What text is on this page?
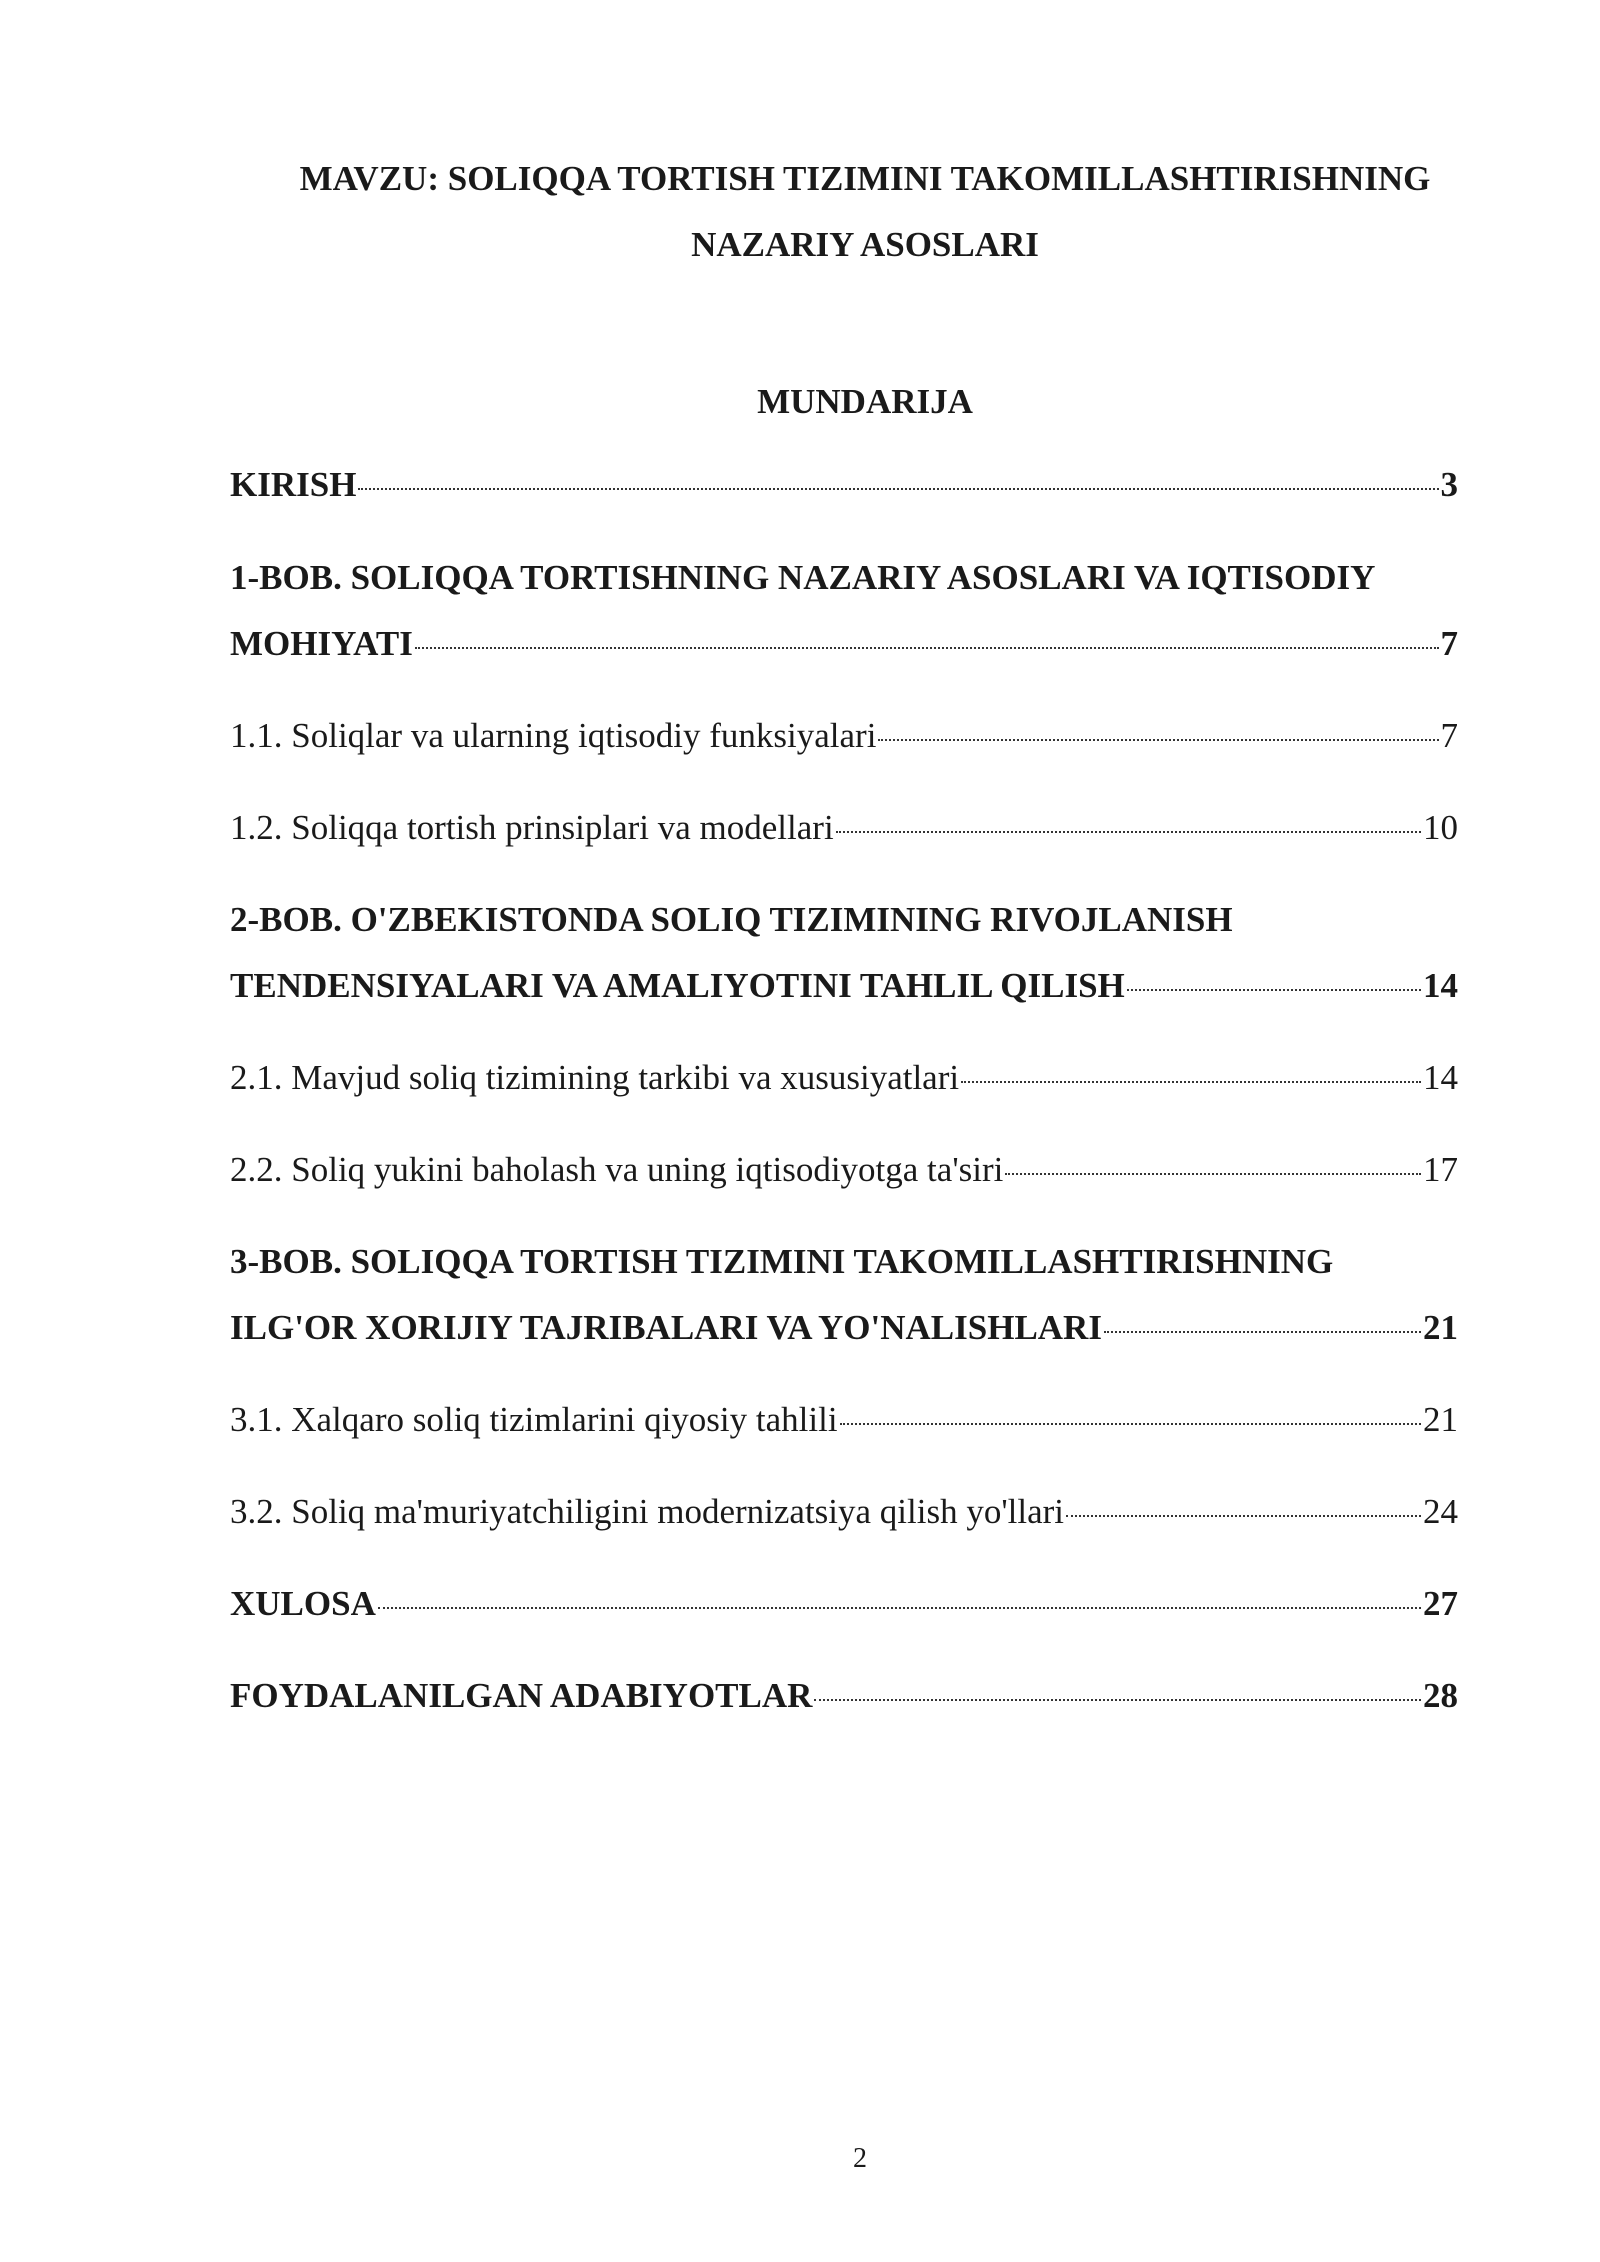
MAVZU: SOLIQQA TORTISH TIZIMINI TAKOMILLASHTIRISHNING
NAZARIY ASOSLARI
MUNDARIJA
KIRISH	3
1-BOB. SOLIQQA TORTISHNING NAZARIY ASOSLARI VA IQTISODIY
MOHIYATI	7
1.1. Soliqlar va ularning iqtisodiy funksiyalari	7
1.2. Soliqqa tortish prinsiplari va modellari	10
2-BOB. O'ZBEKISTONDA SOLIQ TIZIMINING RIVOJLANISH
TENDENSIYALARI VA AMALIYOTINI TAHLIL QILISH	14
2.1. Mavjud soliq tizimining tarkibi va xususiyatlari	14
2.2. Soliq yukini baholash va uning iqtisodiyotga ta'siri	17
3-BOB. SOLIQQA TORTISH TIZIMINI TAKOMILLASHTIRISHNING
ILG'OR XORIJIY TAJRIBALARI VA YO'NALISHLARI	21
3.1. Xalqaro soliq tizimlarini qiyosiy tahlili	21
3.2. Soliq ma'muriyatchiligini modernizatsiya qilish yo'llari	24
XULOSA	27
FOYDALANILGAN ADABIYOTLAR	28
2
